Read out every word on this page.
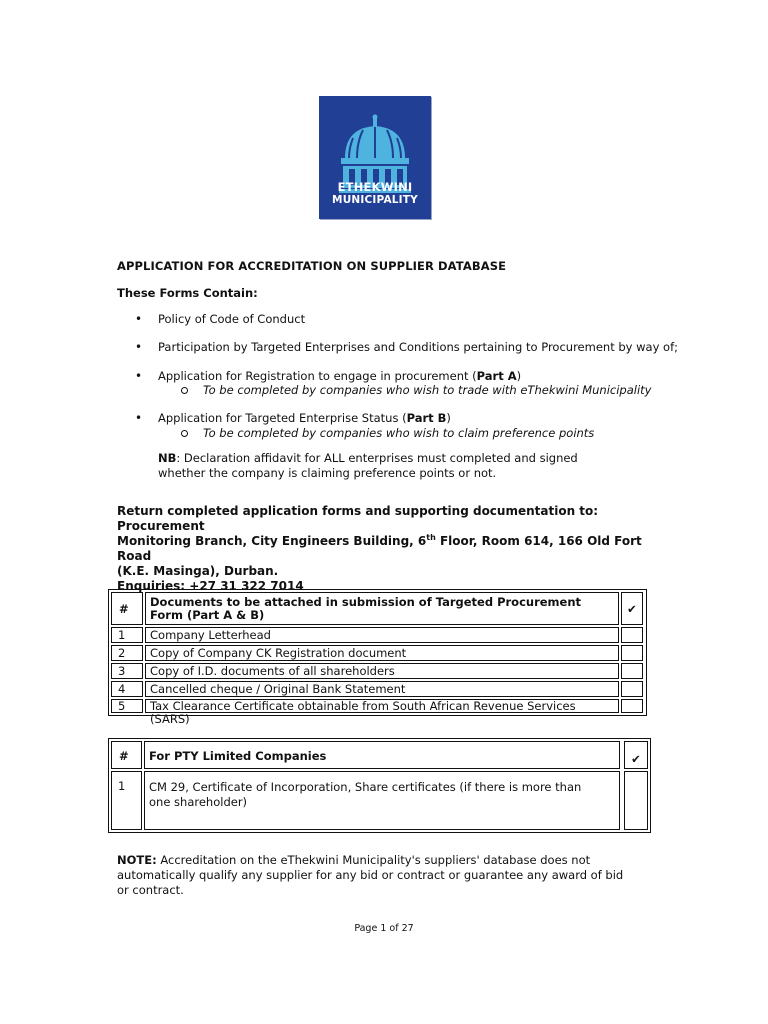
ETHEKWINI
MUNICIPALITY
APPLICATION FOR ACCREDITATION ON SUPPLIER DATABASE
These Forms Contain:
• Policy of Code of Conduct
• Participation by Targeted Enterprises and Conditions pertaining to Procurement by way of;
• Application for Registration to engage in procurement (Part A)
To be completed by companies who wish to trade with eThekwini Municipality
• Application for Targeted Enterprise Status (Part B)
To be completed by companies who wish to claim preference points
NB: Declaration affidavit for ALL enterprises must completed and signed whether the company is claiming preference points or not.
Return completed application forms and supporting documentation to: Procurement
Monitoring Branch, City Engineers Building, 6th Floor, Room 614, 166 Old Fort Road
(K.E. Masinga), Durban.
Enquiries: +27 31 322 7014
# Documents to be attached in submission of Targeted Procurement Form (Part A & B)	✔
1 Company Letterhead
2 Copy of Company CK Registration document
3 Copy of I.D. documents of all shareholders
4 Cancelled cheque / Original Bank Statement
5 Tax Clearance Certificate obtainable from South African Revenue Services (SARS)
# For PTY Limited Companies	✔
1 CM 29, Certificate of Incorporation, Share certificates (if there is more than one shareholder)
NOTE: Accreditation on the eThekwini Municipality's suppliers' database does not automatically qualify any supplier for any bid or contract or guarantee any award of bid or contract.
Page 1 of 27
